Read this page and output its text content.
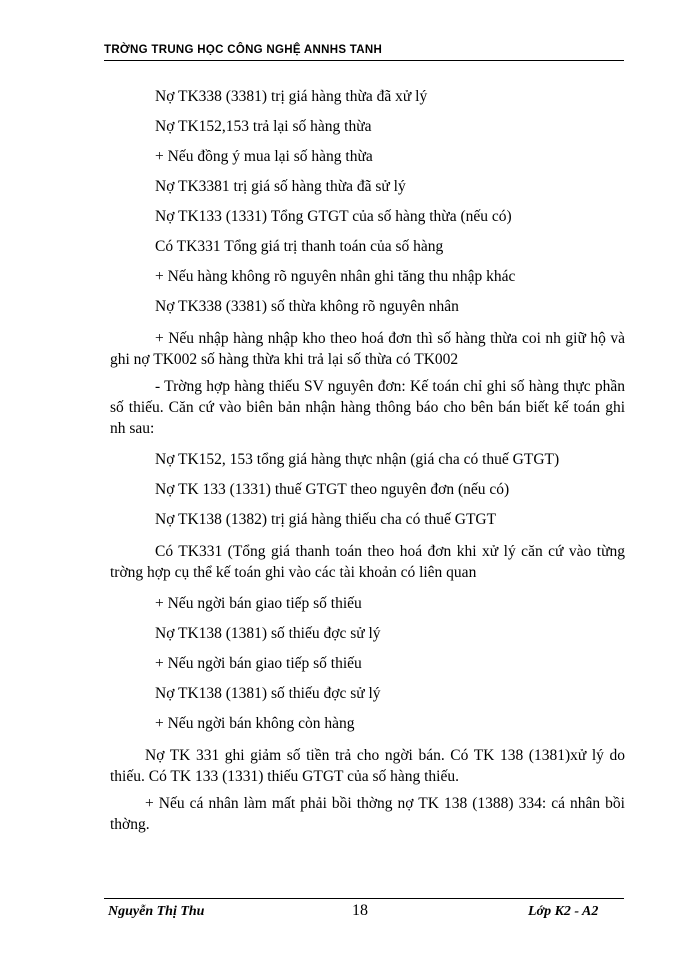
TRỜNG TRUNG HỌC CÔNG NGHỆ ANNHS TANH
Nợ TK338 (3381) trị giá hàng thừa đã xử lý
Nợ TK152,153 trả lại số hàng thừa
+ Nếu đồng ý mua lại số hàng thừa
Nợ TK3381 trị giá số hàng thừa đã sử lý
Nợ TK133 (1331) Tổng GTGT của số hàng thừa (nếu có)
Có TK331 Tổng giá trị thanh toán của số hàng
+ Nếu hàng không rõ nguyên nhân ghi tăng thu nhập khác
Nợ TK338 (3381) số thừa không rõ nguyên nhân
+ Nếu nhập hàng nhập kho theo hoá đơn thì số hàng thừa coi nh giữ hộ và ghi nợ TK002 số hàng thừa khi trả lại số thừa có TK002
- Trờng hợp hàng thiếu SV nguyên đơn: Kế toán chỉ ghi số hàng thực phần số thiếu. Căn cứ vào biên bản nhận hàng thông báo cho bên bán biết kế toán ghi nh sau:
Nợ TK152, 153 tổng giá hàng thực nhận (giá cha có thuế GTGT)
Nợ TK 133 (1331) thuế GTGT theo nguyên đơn (nếu có)
Nợ TK138 (1382) trị giá hàng thiếu cha có thuế GTGT
Có TK331 (Tổng giá thanh toán theo hoá đơn khi xử lý căn cứ vào từng trờng hợp cụ thể kế toán ghi vào các tài khoản có liên quan
+ Nếu ngời bán giao tiếp số thiếu
Nợ TK138 (1381) số thiếu đợc sử lý
+ Nếu ngời bán giao tiếp số thiếu
Nợ TK138 (1381) số thiếu đợc sử lý
+ Nếu ngời bán không còn hàng
Nợ TK 331 ghi giảm số tiền trả cho ngời bán. Có TK 138 (1381)xử lý do thiếu. Có TK 133 (1331) thiếu GTGT của số hàng thiếu.
+ Nếu cá nhân làm mất phải bồi thờng nợ TK 138 (1388) 334: cá nhân bồi thờng.
Nguyễn Thị Thu	18	Lớp K2 - A2
